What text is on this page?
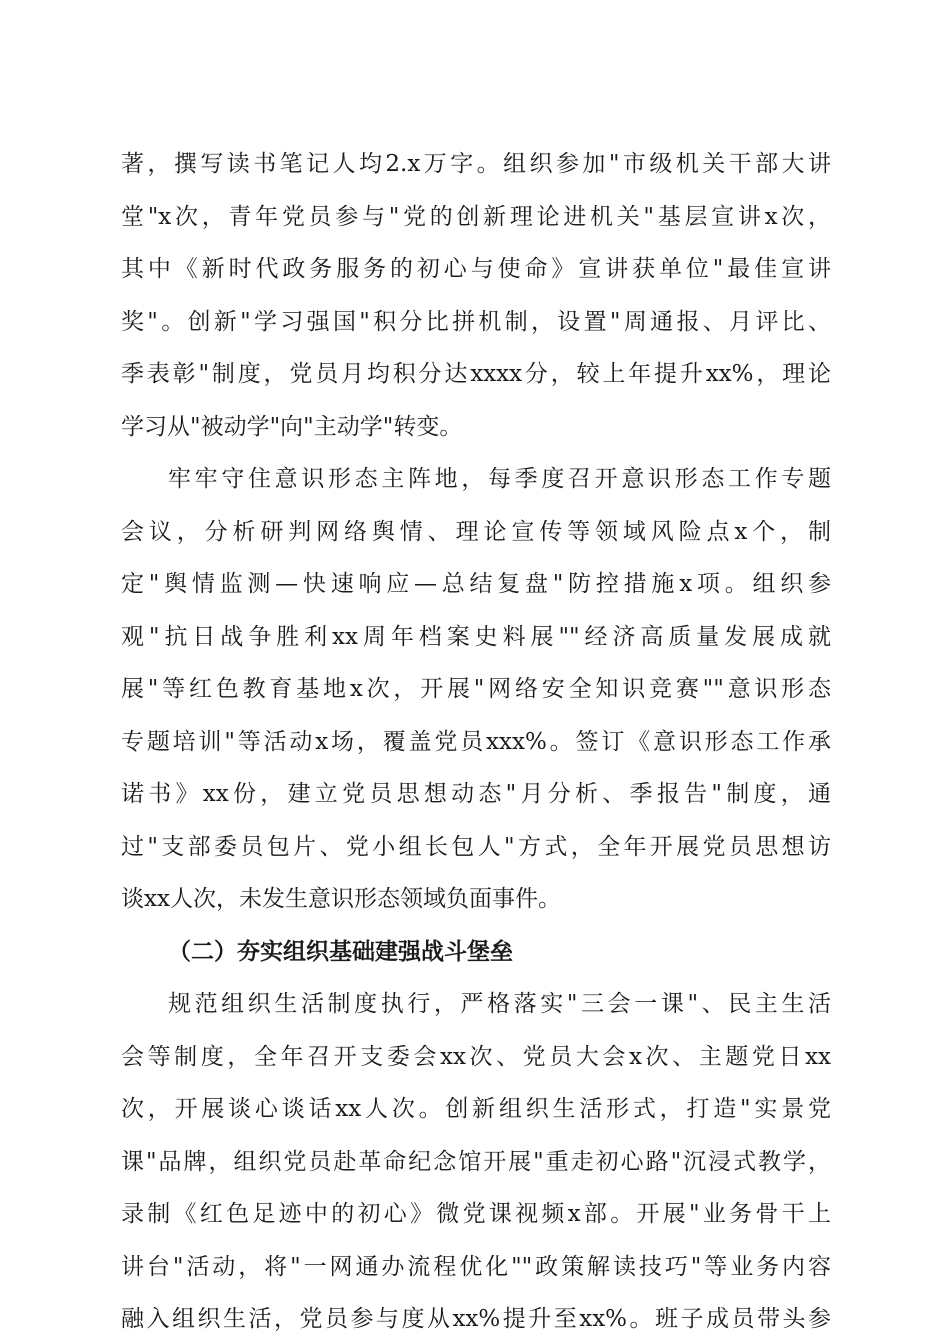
著，撰写读书笔记人均2.x万字。组织参加"市级机关干部大讲
堂"x次，青年党员参与"党的创新理论进机关"基层宣讲x次，
其中《新时代政务服务的初心与使命》宣讲获单位"最佳宣讲
奖"。创新"学习强国"积分比拼机制，设置"周通报、月评比、
季表彰"制度，党员月均积分达xxxx分，较上年提升xx%，理论
学习从"被动学"向"主动学"转变。
牢牢守住意识形态主阵地，每季度召开意识形态工作专题
会议，分析研判网络舆情、理论宣传等领域风险点x个，制
定"舆情监测—快速响应—总结复盘"防控措施x项。组织参
观"抗日战争胜利xx周年档案史料展""经济高质量发展成就
展"等红色教育基地x次，开展"网络安全知识竞赛""意识形态
专题培训"等活动x场，覆盖党员xxx%。签订《意识形态工作承
诺书》xx份，建立党员思想动态"月分析、季报告"制度，通
过"支部委员包片、党小组长包人"方式，全年开展党员思想访
谈xx人次，未发生意识形态领域负面事件。
（二）夯实组织基础建强战斗堡垒
规范组织生活制度执行，严格落实"三会一课"、民主生活
会等制度，全年召开支委会xx次、党员大会x次、主题党日xx
次，开展谈心谈话xx人次。创新组织生活形式，打造"实景党
课"品牌，组织党员赴革命纪念馆开展"重走初心路"沉浸式教学，
录制《红色足迹中的初心》微党课视频x部。开展"业务骨干上
讲台"活动，将"一网通办流程优化""政策解读技巧"等业务内容
融入组织生活，党员参与度从xx%提升至xx%。班子成员带头参
